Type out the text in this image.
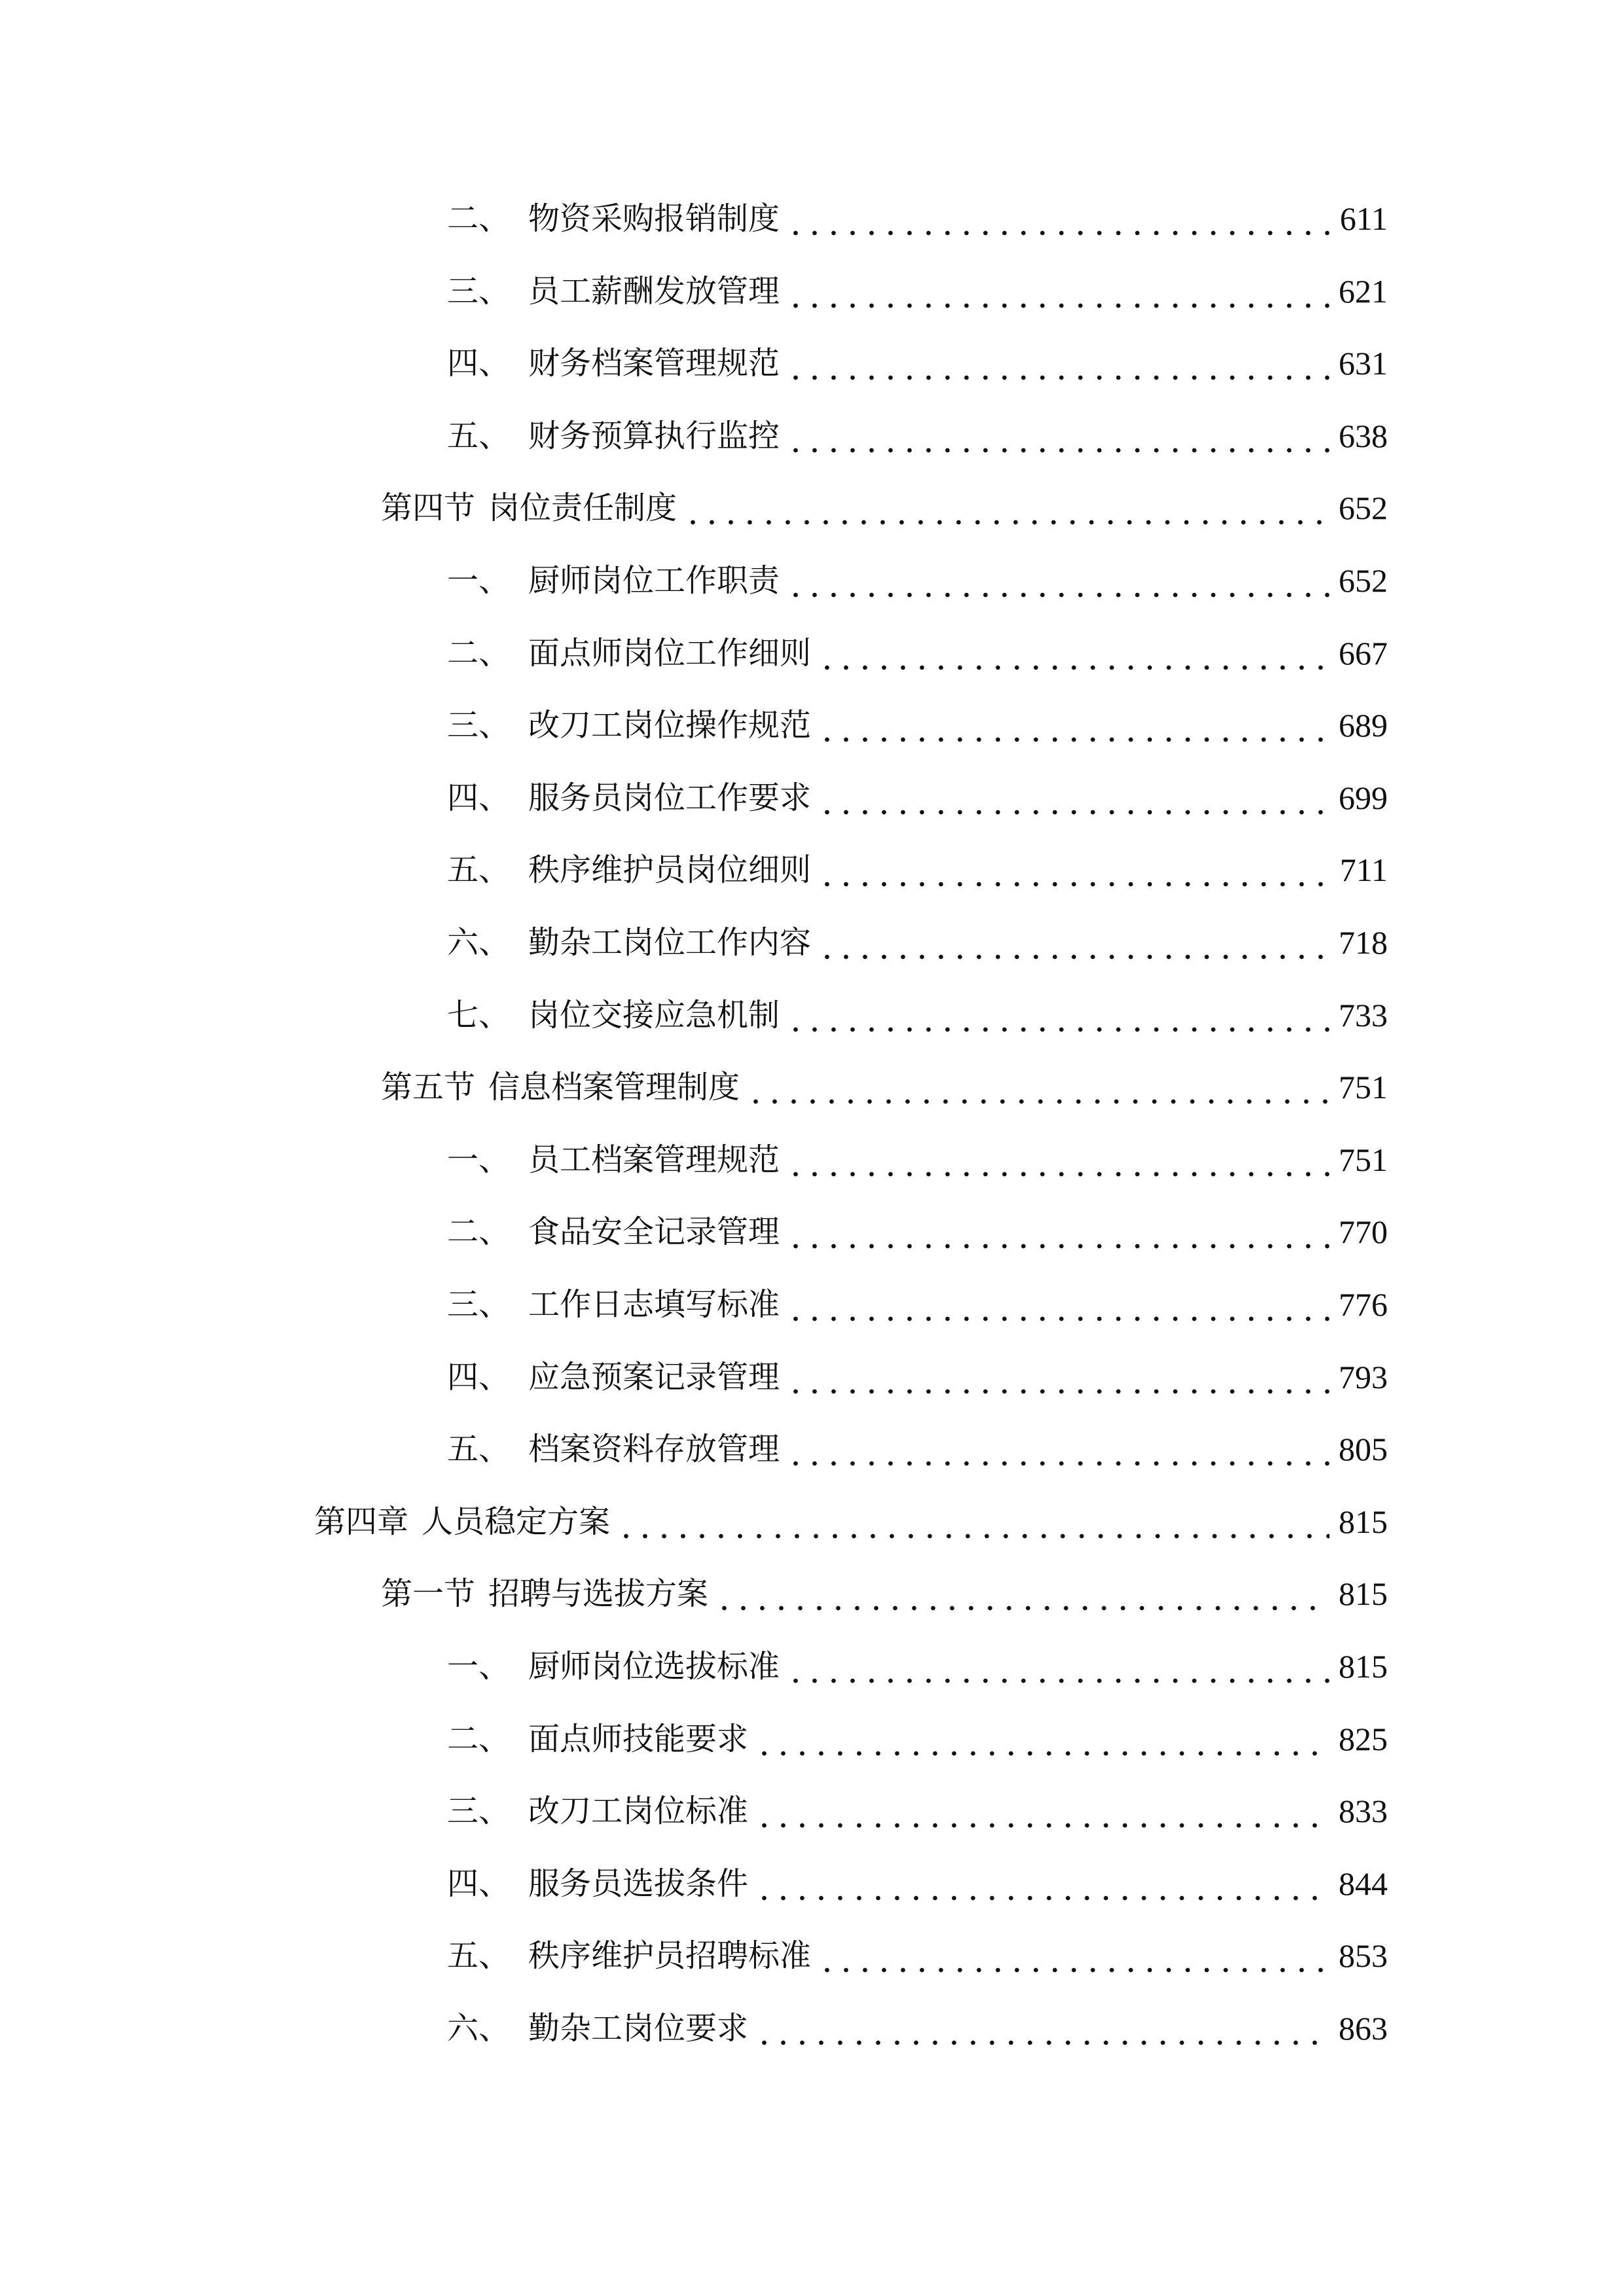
二、 物资采购报销制度	611
三、 员工薪酬发放管理	621
四、 财务档案管理规范	631
五、 财务预算执行监控	638
第四节 岗位责任制度	652
一、 厨师岗位工作职责	652
二、 面点师岗位工作细则	667
三、 改刀工岗位操作规范	689
四、 服务员岗位工作要求	699
五、 秩序维护员岗位细则	711
六、 勤杂工岗位工作内容	718
七、 岗位交接应急机制	733
第五节 信息档案管理制度	751
一、 员工档案管理规范	751
二、 食品安全记录管理	770
三、 工作日志填写标准	776
四、 应急预案记录管理	793
五、 档案资料存放管理	805
第四章 人员稳定方案	815
第一节 招聘与选拔方案	815
一、 厨师岗位选拔标准	815
二、 面点师技能要求	825
三、 改刀工岗位标准	833
四、 服务员选拔条件	844
五、 秩序维护员招聘标准	853
六、 勤杂工岗位要求	863
